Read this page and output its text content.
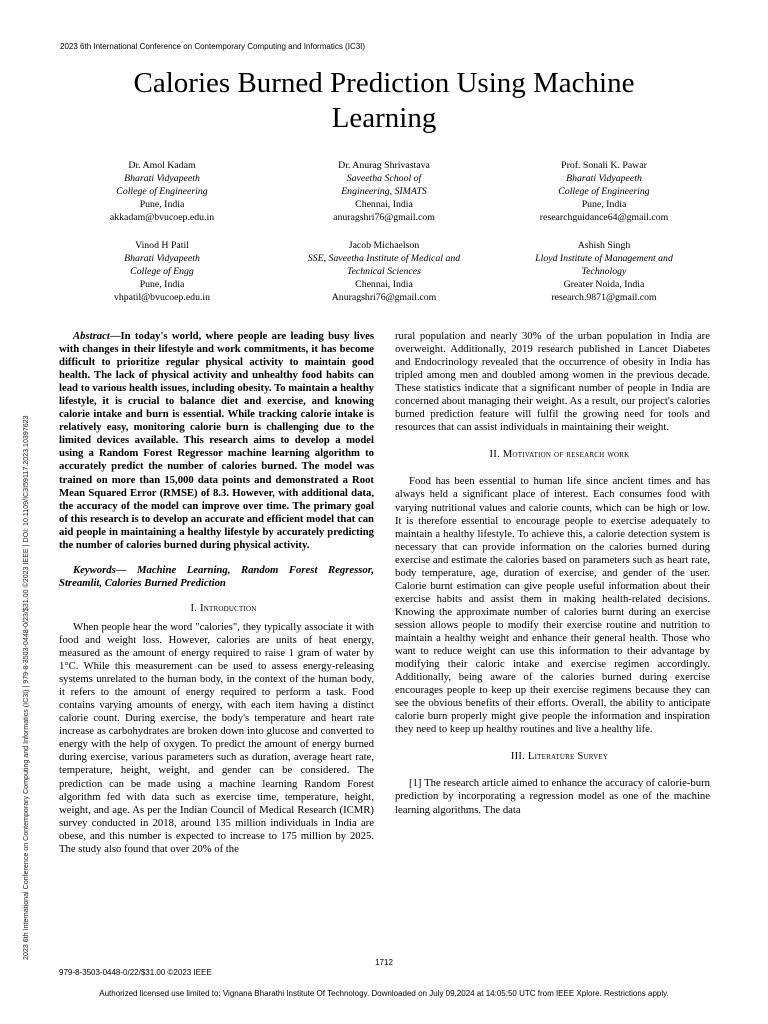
2023 6th International Conference on Contemporary Computing and Informatics (IC3I)
2023 6th International Conference on Contemporary Computing and Informatics (IC3I) | 979-8-3503-0448-0/23/$31.00 ©2023 IEEE | DOI: 10.1109/IC3I59117.2023.10397623
Calories Burned Prediction Using Machine Learning
Dr. Amol Kadam
Bharati Vidyapeeth
College of Engineering
Pune, India
akkadam@bvucoep.edu.in
Dr. Anurag Shrivastava
Saveetha School of
Engineering, SIMATS
Chennai, India
anuragshri76@gmail.com
Prof. Sonali K. Pawar
Bharati Vidyapeeth
College of Engineering
Pune, India
researchguidance64@gmail.com
Vinod H Patil
Bharati Vidyapeeth
College of Engg
Pune, India
vhpatil@bvucoep.edu.in
Jacob Michaelson
SSE, Saveetha Institute of Medical and
Technical Sciences
Chennai, India
Anuragshri76@gmail.com
Ashish Singh
Lloyd Institute of Management and
Technology
Greater Noida, India
research.9871@gmail.com

Abstract—In today's world, where people are leading busy lives with changes in their lifestyle and work commitments, it has become difficult to prioritize regular physical activity to maintain good health. The lack of physical activity and unhealthy food habits can lead to various health issues, including obesity. To maintain a healthy lifestyle, it is crucial to balance diet and exercise, and knowing calorie intake and burn is essential. While tracking calorie intake is relatively easy, monitoring calorie burn is challenging due to the limited devices available. This research aims to develop a model using a Random Forest Regressor machine learning algorithm to accurately predict the number of calories burned. The model was trained on more than 15,000 data points and demonstrated a Root Mean Squared Error (RMSE) of 8.3. However, with additional data, the accuracy of the model can improve over time. The primary goal of this research is to develop an accurate and efficient model that can aid people in maintaining a healthy lifestyle by accurately predicting the number of calories burned during physical activity.

Keywords— Machine Learning, Random Forest Regressor, Streamlit, Calories Burned Prediction

I. Introduction

When people hear the word "calories", they typically associate it with food and weight loss. However, calories are units of heat energy, measured as the amount of energy required to raise 1 gram of water by 1°C. While this measurement can be used to assess energy-releasing systems unrelated to the human body, in the context of the human body, it refers to the amount of energy required to perform a task. Food contains varying amounts of energy, with each item having a distinct calorie count. During exercise, the body's temperature and heart rate increase as carbohydrates are broken down into glucose and converted to energy with the help of oxygen. To predict the amount of energy burned during exercise, various parameters such as duration, average heart rate, temperature, height, weight, and gender can be considered. The prediction can be made using a machine learning Random Forest algorithm fed with data such as exercise time, temperature, height, weight, and age. As per the Indian Council of Medical Research (ICMR) survey conducted in 2018, around 135 million individuals in India are obese, and this number is expected to increase to 175 million by 2025. The study also found that over 20% of the

rural population and nearly 30% of the urban population in India are overweight. Additionally, 2019 research published in Lancet Diabetes and Endocrinology revealed that the occurrence of obesity in India has tripled among men and doubled among women in the previous decade. These statistics indicate that a significant number of people in India are concerned about managing their weight. As a result, our project's calories burned prediction feature will fulfil the growing need for tools and resources that can assist individuals in maintaining their weight.

II. Motivation of research work

Food has been essential to human life since ancient times and has always held a significant place of interest. Each consumes food with varying nutritional values and calorie counts, which can be high or low. It is therefore essential to encourage people to exercise adequately to maintain a healthy lifestyle. To achieve this, a calorie detection system is necessary that can provide information on the calories burned during exercise and estimate the calories based on parameters such as heart rate, body temperature, age, duration of exercise, and gender of the user. Calorie burnt estimation can give people useful information about their exercise habits and assist them in making health-related decisions. Knowing the approximate number of calories burnt during an exercise session allows people to modify their exercise routine and nutrition to maintain a healthy weight and enhance their general health. Those who want to reduce weight can use this information to their advantage by modifying their caloric intake and exercise regimen accordingly. Additionally, being aware of the calories burned during exercise encourages people to keep up their exercise regimens because they can see the obvious benefits of their efforts. Overall, the ability to anticipate calorie burn properly might give people the information and inspiration they need to keep up healthy routines and live a healthy life.

III. Literature Survey

[1] The research article aimed to enhance the accuracy of calorie-burn prediction by incorporating a regression model as one of the machine learning algorithms. The data

1712
979-8-3503-0448-0/22/$31.00 ©2023 IEEE
Authorized licensed use limited to: Vignana Bharathi Institute Of Technology. Downloaded on July 09,2024 at 14:05:50 UTC from IEEE Xplore. Restrictions apply.
